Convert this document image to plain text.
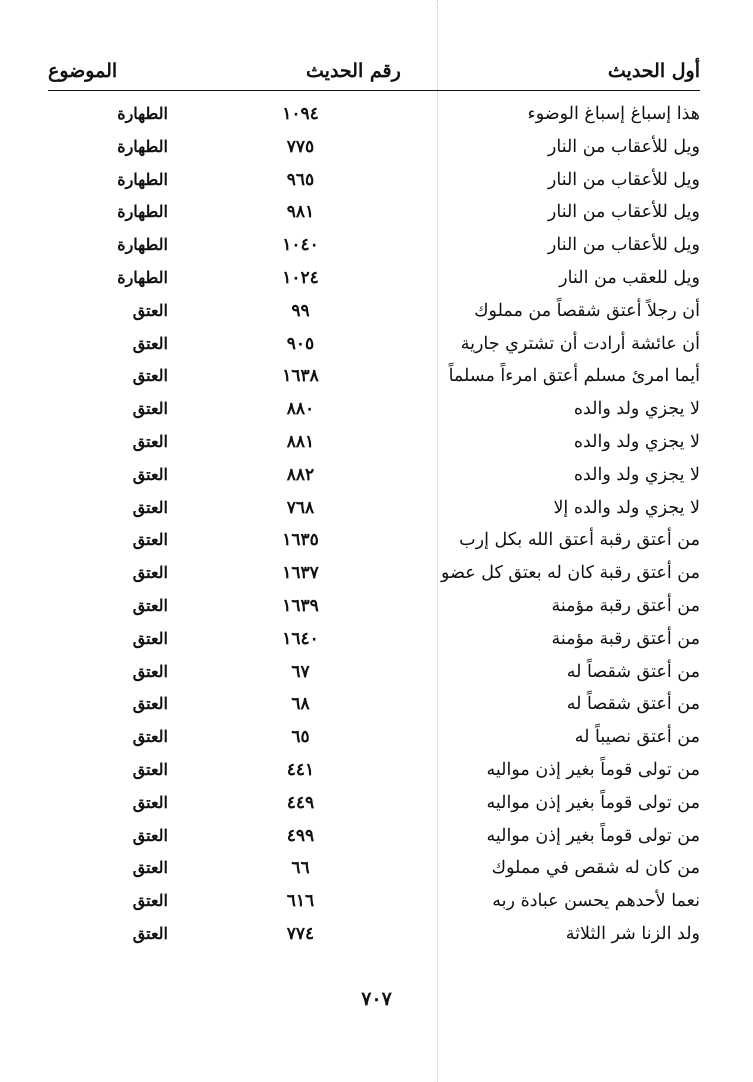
أول الحديث
رقم الحديث
الموضوع
هذا إسباغ إسباغ الوضوء
١٠٩٤
الطهارة
ويل للأعقاب من النار
٧٧٥
الطهارة
ويل للأعقاب من النار
٩٦٥
الطهارة
ويل للأعقاب من النار
٩٨١
الطهارة
ويل للأعقاب من النار
١٠٤٠
الطهارة
ويل للعقب من النار
١٠٢٤
الطهارة
أن رجلاً أعتق شقصاً من مملوك
٩٩
العتق
أن عائشة أرادت أن تشتري جارية
٩٠٥
العتق
أيما امرئ مسلم أعتق امرءاً مسلماً
١٦٣٨
العتق
لا يجزي ولد والده
٨٨٠
العتق
لا يجزي ولد والده
٨٨١
العتق
لا يجزي ولد والده
٨٨٢
العتق
لا يجزي ولد والده إلا
٧٦٨
العتق
من أعتق رقبة أعتق الله بكل إرب
١٦٣٥
العتق
من أعتق رقبة كان له بعتق كل عضو
١٦٣٧
العتق
من أعتق رقبة مؤمنة
١٦٣٩
العتق
من أعتق رقبة مؤمنة
١٦٤٠
العتق
من أعتق شقصاً له
٦٧
العتق
من أعتق شقصاً له
٦٨
العتق
من أعتق نصيباً له
٦٥
العتق
من تولى قوماً بغير إذن مواليه
٤٤١
العتق
من تولى قوماً بغير إذن مواليه
٤٤٩
العتق
من تولى قوماً بغير إذن مواليه
٤٩٩
العتق
من كان له شقص في مملوك
٦٦
العتق
نعما لأحدهم يحسن عبادة ربه
٦١٦
العتق
ولد الزنا شر الثلاثة
٧٧٤
العتق
٧٠٧
